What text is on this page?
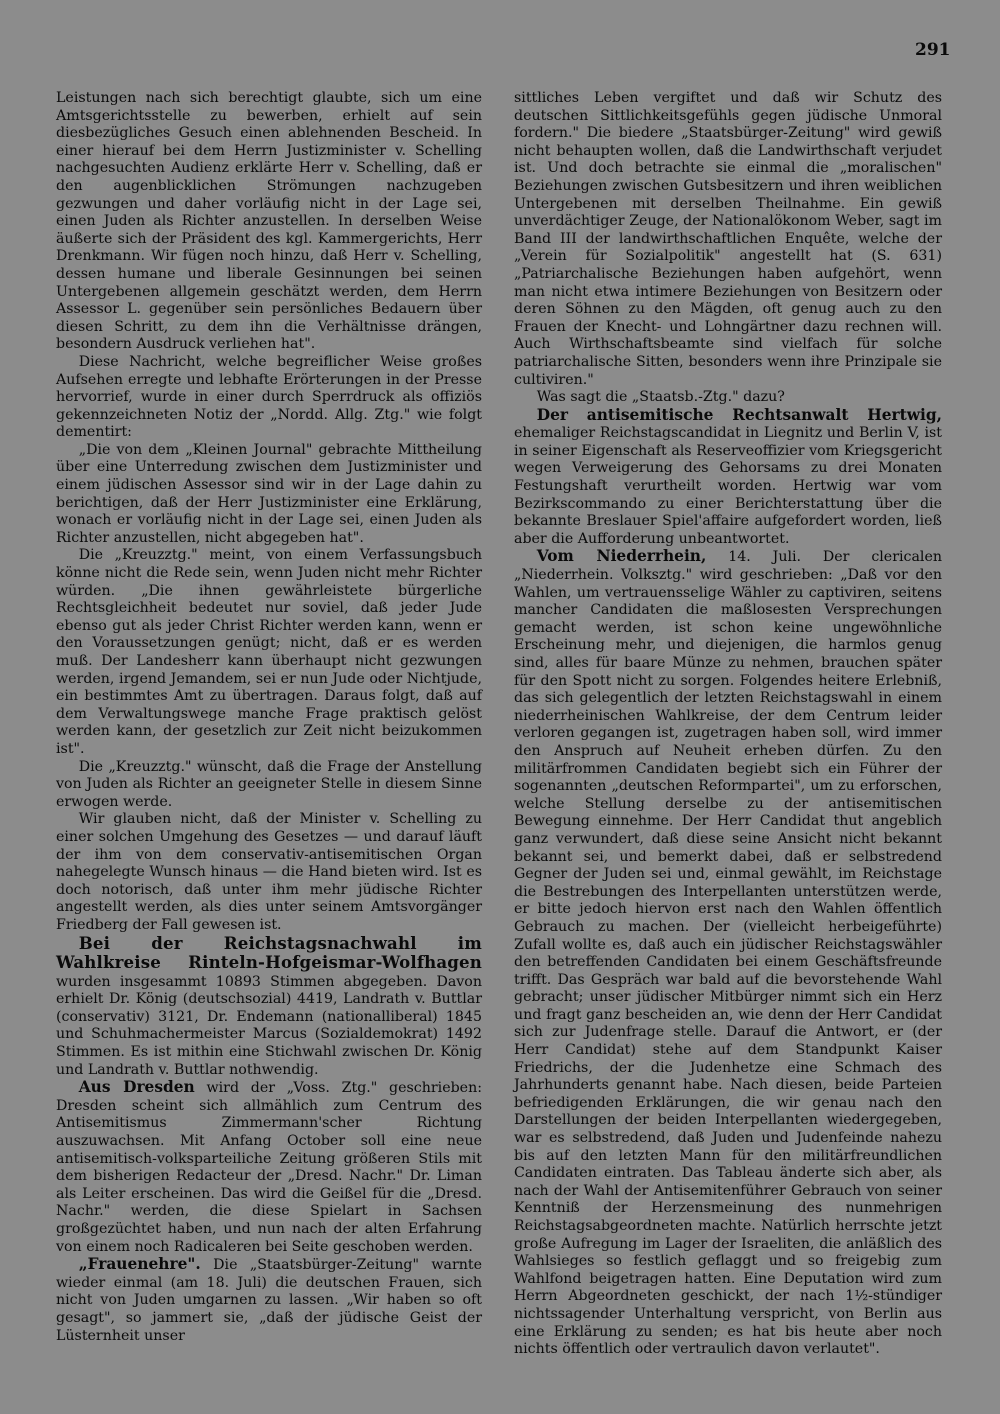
291

Leistungen nach sich berechtigt glaubte, sich um eine Amtsgerichtsstelle zu bewerben, erhielt auf sein diesbezügliches Gesuch einen ablehnenden Bescheid. In einer hierauf bei dem Herrn Justizminister v. Schelling nachgesuchten Audienz erklärte Herr v. Schelling, daß er den augenblicklichen Strömungen nachzugeben gezwungen und daher vorläufig nicht in der Lage sei, einen Juden als Richter anzustellen. In derselben Weise äußerte sich der Präsident des kgl. Kammergerichts, Herr Drenkmann. Wir fügen noch hinzu, daß Herr v. Schelling, dessen humane und liberale Gesinnungen bei seinen Untergebenen allgemein geschätzt werden, dem Herrn Assessor L. gegenüber sein persönliches Bedauern über diesen Schritt, zu dem ihn die Verhältnisse drängen, besondern Ausdruck verliehen hat".

Diese Nachricht, welche begreiflicher Weise großes Aufsehen erregte und lebhafte Erörterungen in der Presse hervorrief, wurde in einer durch Sperrdruck als offiziös gekennzeichneten Notiz der „Nordd. Allg. Ztg." wie folgt dementirt:

„Die von dem „Kleinen Journal" gebrachte Mittheilung über eine Unterredung zwischen dem Justizminister und einem jüdischen Assessor sind wir in der Lage dahin zu berichtigen, daß der Herr Justizminister eine Erklärung, wonach er vorläufig nicht in der Lage sei, einen Juden als Richter anzustellen, nicht abgegeben hat".

Die „Kreuzztg." meint, von einem Verfassungsbuch könne nicht die Rede sein, wenn Juden nicht mehr Richter würden. „Die ihnen gewährleistete bürgerliche Rechtsgleichheit bedeutet nur soviel, daß jeder Jude ebenso gut als jeder Christ Richter werden kann, wenn er den Voraussetzungen genügt; nicht, daß er es werden muß. Der Landesherr kann überhaupt nicht gezwungen werden, irgend Jemandem, sei er nun Jude oder Nichtjude, ein bestimmtes Amt zu übertragen. Daraus folgt, daß auf dem Verwaltungswege manche Frage praktisch gelöst werden kann, der gesetzlich zur Zeit nicht beizukommen ist".

Die „Kreuzztg." wünscht, daß die Frage der Anstellung von Juden als Richter an geeigneter Stelle in diesem Sinne erwogen werde.

Wir glauben nicht, daß der Minister v. Schelling zu einer solchen Umgehung des Gesetzes — und darauf läuft der ihm von dem conservativ-antisemitischen Organ nahegelegte Wunsch hinaus — die Hand bieten wird. Ist es doch notorisch, daß unter ihm mehr jüdische Richter angestellt werden, als dies unter seinem Amtsvorgänger Friedberg der Fall gewesen ist.

Bei der Reichstagsnachwahl im Wahlkreise Rinteln-Hofgeismar-Wolfhagen wurden insgesammt 10893 Stimmen abgegeben. Davon erhielt Dr. König (deutschsozial) 4419, Landrath v. Buttlar (conservativ) 3121, Dr. Endemann (nationalliberal) 1845 und Schuhmachermeister Marcus (Sozialdemokrat) 1492 Stimmen. Es ist mithin eine Stichwahl zwischen Dr. König und Landrath v. Buttlar nothwendig.

Aus Dresden wird der „Voss. Ztg." geschrieben: Dresden scheint sich allmählich zum Centrum des Antisemitismus Zimmermann'scher Richtung auszuwachsen. Mit Anfang October soll eine neue antisemitisch-volksparteiliche Zeitung größeren Stils mit dem bisherigen Redacteur der „Dresd. Nachr." Dr. Liman als Leiter erscheinen. Das wird die Geißel für die „Dresd. Nachr." werden, die diese Spielart in Sachsen großgezüchtet haben, und nun nach der alten Erfahrung von einem noch Radicaleren bei Seite geschoben werden.

„Frauenehre". Die „Staatsbürger-Zeitung" warnte wieder einmal (am 18. Juli) die deutschen Frauen, sich nicht von Juden umgarnen zu lassen. „Wir haben so oft gesagt", so jammert sie, „daß der jüdische Geist der Lüsternheit unser

sittliches Leben vergiftet und daß wir Schutz des deutschen Sittlichkeitsgefühls gegen jüdische Unmoral fordern." Die biedere „Staatsbürger-Zeitung" wird gewiß nicht behaupten wollen, daß die Landwirthschaft verjudet ist. Und doch betrachte sie einmal die „moralischen" Beziehungen zwischen Gutsbesitzern und ihren weiblichen Untergebenen mit derselben Theilnahme. Ein gewiß unverdächtiger Zeuge, der Nationalökonom Weber, sagt im Band III der landwirthschaftlichen Enquête, welche der „Verein für Sozialpolitik" angestellt hat (S. 631) „Patriarchalische Beziehungen haben aufgehört, wenn man nicht etwa intimere Beziehungen von Besitzern oder deren Söhnen zu den Mägden, oft genug auch zu den Frauen der Knecht- und Lohngärtner dazu rechnen will. Auch Wirthschaftsbeamte sind vielfach für solche patriarchalische Sitten, besonders wenn ihre Prinzipale sie cultiviren."

Was sagt die „Staatsb.-Ztg." dazu?

Der antisemitische Rechtsanwalt Hertwig, ehemaliger Reichstagscandidat in Liegnitz und Berlin V, ist in seiner Eigenschaft als Reserveoffizier vom Kriegsgericht wegen Verweigerung des Gehorsams zu drei Monaten Festungshaft verurtheilt worden. Hertwig war vom Bezirkscommando zu einer Berichterstattung über die bekannte Breslauer Spiel'affaire aufgefordert worden, ließ aber die Aufforderung unbeantwortet.

Vom Niederrhein, 14. Juli. Der clericalen „Niederrhein. Volksztg." wird geschrieben: „Daß vor den Wahlen, um vertrauensselige Wähler zu captiviren, seitens mancher Candidaten die maßlosesten Versprechungen gemacht werden, ist schon keine ungewöhnliche Erscheinung mehr, und diejenigen, die harmlos genug sind, alles für baare Münze zu nehmen, brauchen später für den Spott nicht zu sorgen. Folgendes heitere Erlebniß, das sich gelegentlich der letzten Reichstagswahl in einem niederrheinischen Wahlkreise, der dem Centrum leider verloren gegangen ist, zugetragen haben soll, wird immer den Anspruch auf Neuheit erheben dürfen. Zu den militärfrommen Candidaten begiebt sich ein Führer der sogenannten „deutschen Reformpartei", um zu erforschen, welche Stellung derselbe zu der antisemitischen Bewegung einnehme. Der Herr Candidat thut angeblich ganz verwundert, daß diese seine Ansicht nicht bekannt bekannt sei, und bemerkt dabei, daß er selbstredend Gegner der Juden sei und, einmal gewählt, im Reichstage die Bestrebungen des Interpellanten unterstützen werde, er bitte jedoch hiervon erst nach den Wahlen öffentlich Gebrauch zu machen. Der (vielleicht herbeigeführte) Zufall wollte es, daß auch ein jüdischer Reichstagswähler den betreffenden Candidaten bei einem Geschäftsfreunde trifft. Das Gespräch war bald auf die bevorstehende Wahl gebracht; unser jüdischer Mitbürger nimmt sich ein Herz und fragt ganz bescheiden an, wie denn der Herr Candidat sich zur Judenfrage stelle. Darauf die Antwort, er (der Herr Candidat) stehe auf dem Standpunkt Kaiser Friedrichs, der die Judenhetze eine Schmach des Jahrhunderts genannt habe. Nach diesen, beide Parteien befriedigenden Erklärungen, die wir genau nach den Darstellungen der beiden Interpellanten wiedergegeben, war es selbstredend, daß Juden und Judenfeinde nahezu bis auf den letzten Mann für den militärfreundlichen Candidaten eintraten. Das Tableau änderte sich aber, als nach der Wahl der Antisemitenführer Gebrauch von seiner Kenntniß der Herzensmeinung des nunmehrigen Reichstagsabgeordneten machte. Natürlich herrschte jetzt große Aufregung im Lager der Israeliten, die anläßlich des Wahlsieges so festlich geflaggt und so freigebig zum Wahlfond beigetragen hatten. Eine Deputation wird zum Herrn Abgeordneten geschickt, der nach 1½-stündiger nichtssagender Unterhaltung verspricht, von Berlin aus eine Erklärung zu senden; es hat bis heute aber noch nichts öffentlich oder vertraulich davon verlautet".
